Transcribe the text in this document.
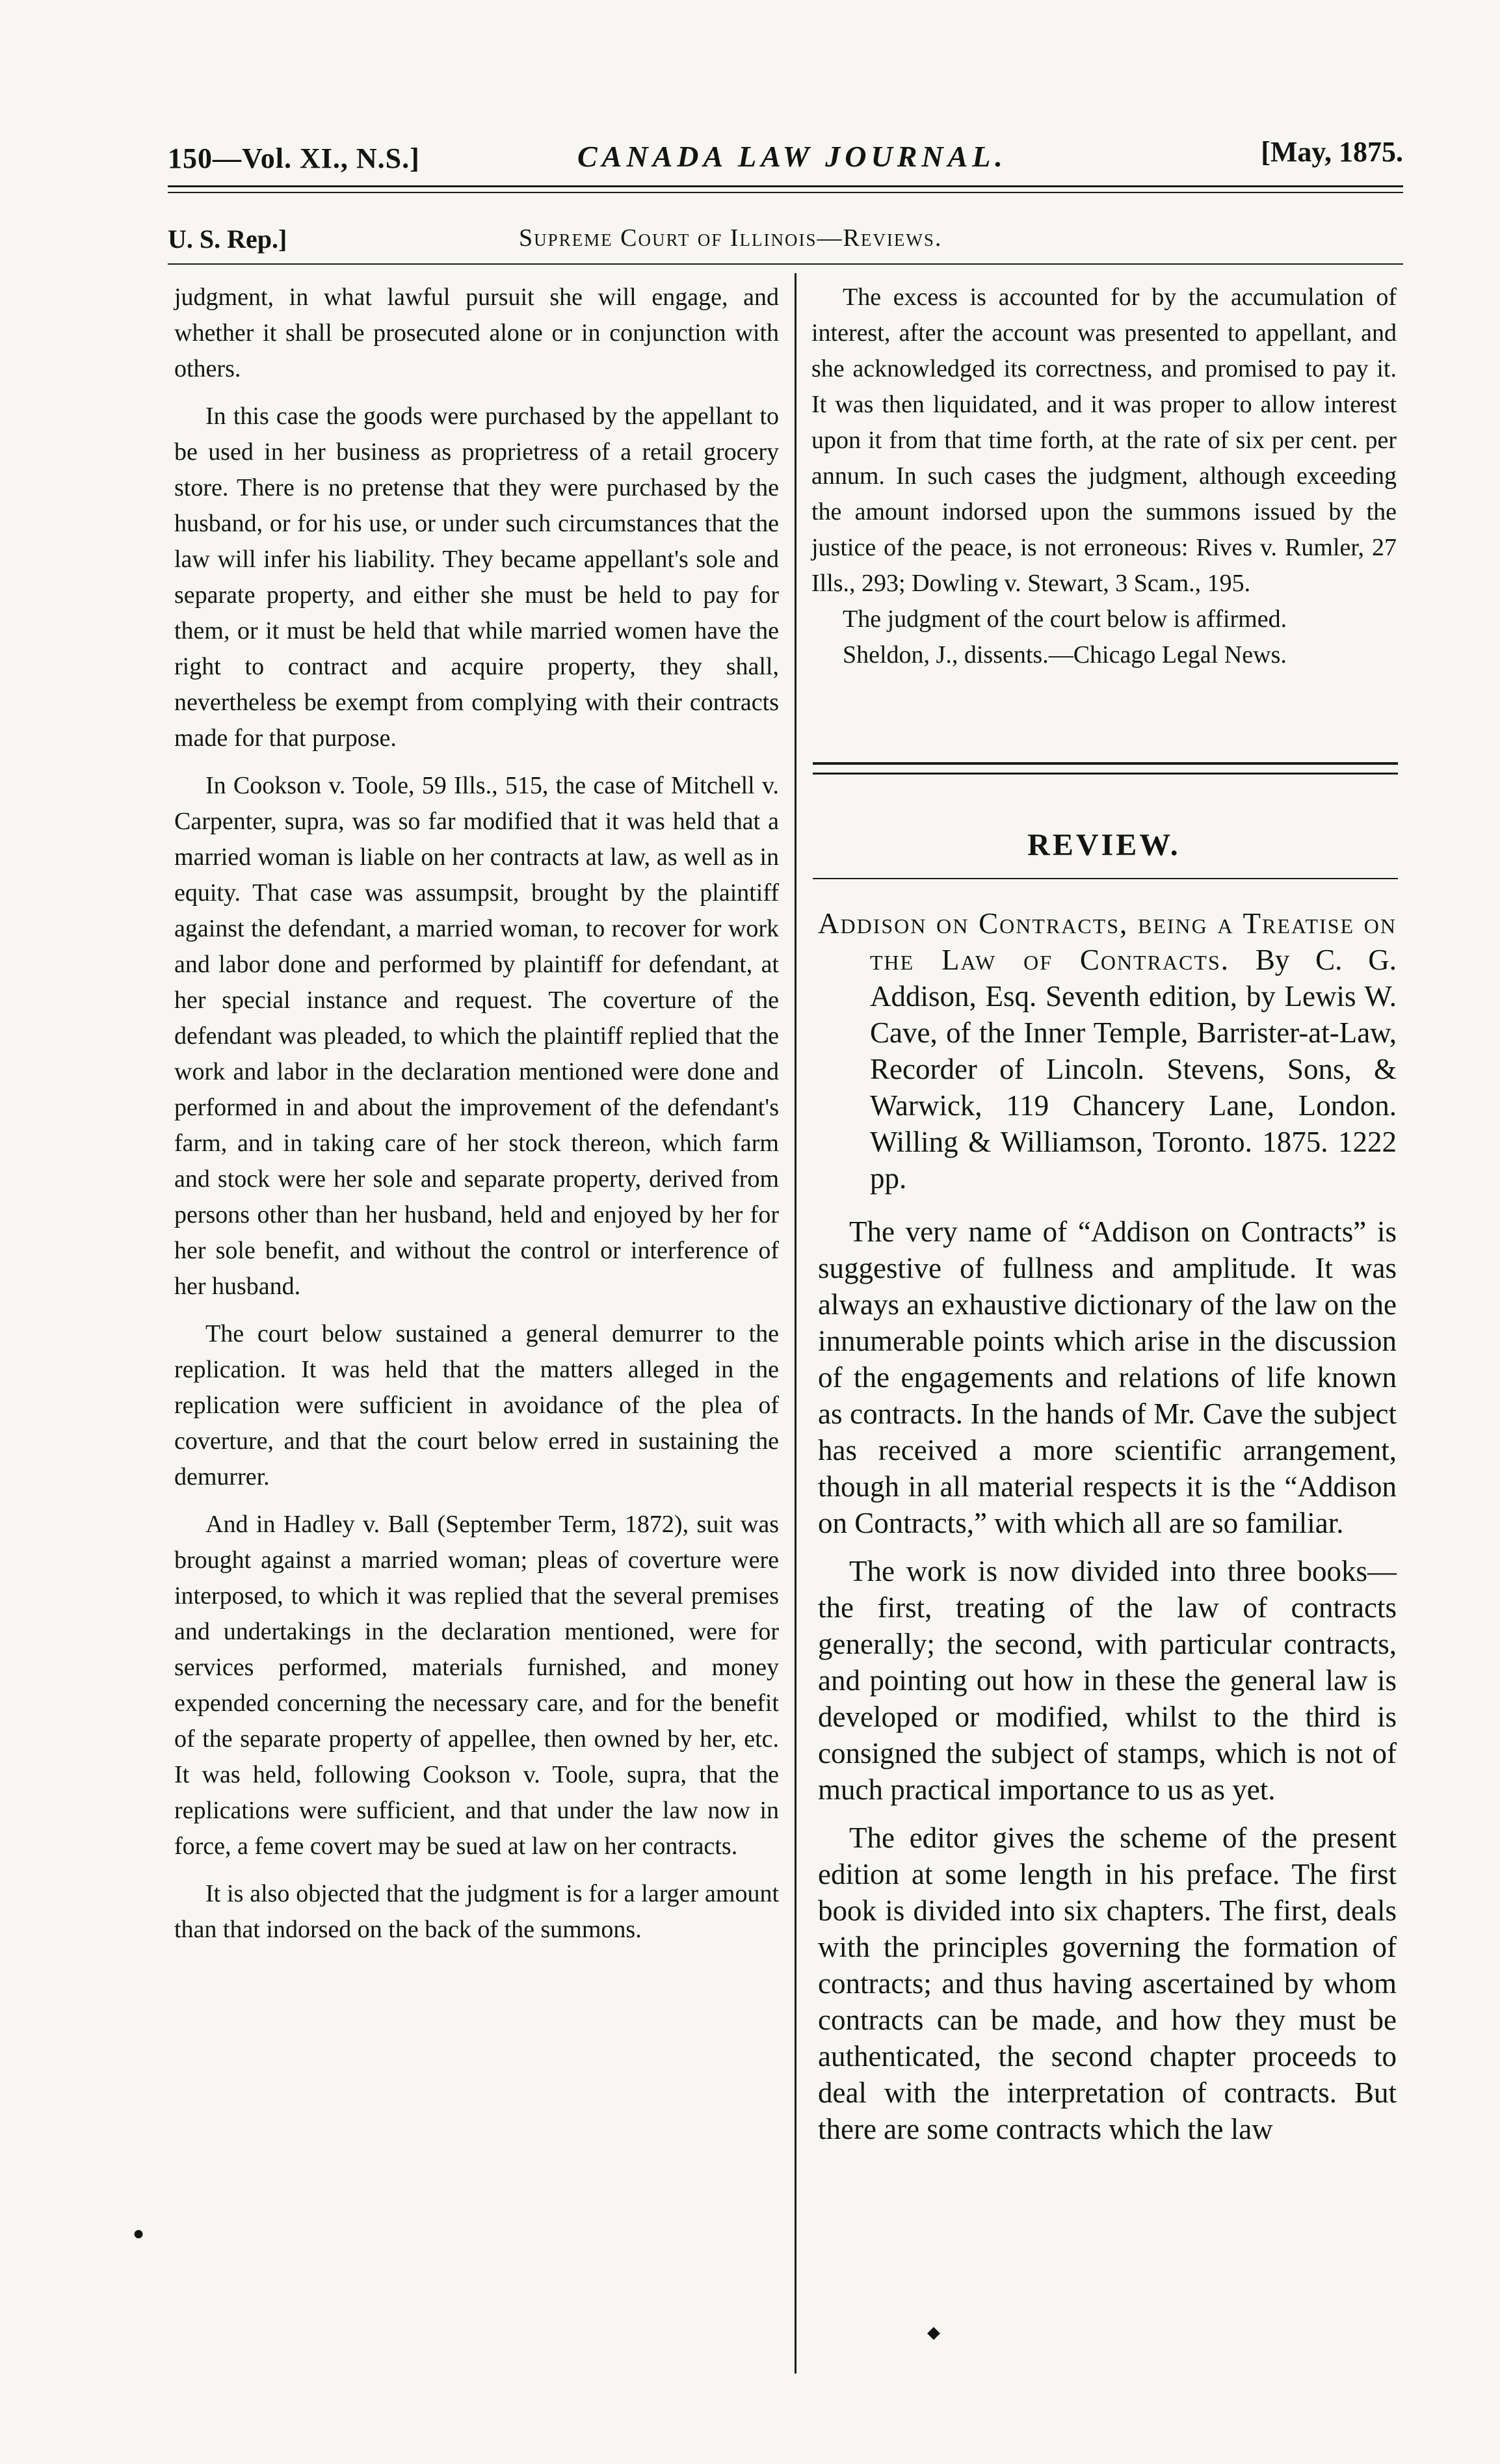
150—Vol. XI., N.S.]	CANADA LAW JOURNAL.	[May, 1875.
U. S. Rep.]	Supreme Court of Illinois—Reviews.

judgment, in what lawful pursuit she will engage, and whether it shall be prosecuted alone or in conjunction with others.

In this case the goods were purchased by the appellant to be used in her business as proprietress of a retail grocery store. There is no pretense that they were purchased by the husband, or for his use, or under such circumstances that the law will infer his liability. They became appellant's sole and separate property, and either she must be held to pay for them, or it must be held that while married women have the right to contract and acquire property, they shall, nevertheless be exempt from complying with their contracts made for that purpose.

In Cookson v. Toole, 59 Ills., 515, the case of Mitchell v. Carpenter, supra, was so far modified that it was held that a married woman is liable on her contracts at law, as well as in equity. That case was assumpsit, brought by the plaintiff against the defendant, a married woman, to recover for work and labor done and performed by plaintiff for defendant, at her special instance and request. The coverture of the defendant was pleaded, to which the plaintiff replied that the work and labor in the declaration mentioned were done and performed in and about the improvement of the defendant's farm, and in taking care of her stock thereon, which farm and stock were her sole and separate property, derived from persons other than her husband, held and enjoyed by her for her sole benefit, and without the control or interference of her husband.

The court below sustained a general demurrer to the replication. It was held that the matters alleged in the replication were sufficient in avoidance of the plea of coverture, and that the court below erred in sustaining the demurrer.

And in Hadley v. Ball (September Term, 1872), suit was brought against a married woman; pleas of coverture were interposed, to which it was replied that the several premises and undertakings in the declaration mentioned, were for services performed, materials furnished, and money expended concerning the necessary care, and for the benefit of the separate property of appellee, then owned by her, etc. It was held, following Cookson v. Toole, supra, that the replications were sufficient, and that under the law now in force, a feme covert may be sued at law on her contracts.

It is also objected that the judgment is for a larger amount than that indorsed on the back of the summons.

The excess is accounted for by the accumulation of interest, after the account was presented to appellant, and she acknowledged its correctness, and promised to pay it. It was then liquidated, and it was proper to allow interest upon it from that time forth, at the rate of six per cent. per annum. In such cases the judgment, although exceeding the amount indorsed upon the summons issued by the justice of the peace, is not erroneous: Rives v. Rumler, 27 Ills., 293; Dowling v. Stewart, 3 Scam., 195.

The judgment of the court below is affirmed.

Sheldon, J., dissents.—Chicago Legal News.

REVIEW.

Addison on Contracts, being a Treatise on the Law of Contracts. By C. G. Addison, Esq. Seventh edition, by Lewis W. Cave, of the Inner Temple, Barrister-at-Law, Recorder of Lincoln. Stevens, Sons, & Warwick, 119 Chancery Lane, London. Willing & Williamson, Toronto. 1875. 1222 pp.

The very name of “Addison on Contracts” is suggestive of fullness and amplitude. It was always an exhaustive dictionary of the law on the innumerable points which arise in the discussion of the engagements and relations of life known as contracts. In the hands of Mr. Cave the subject has received a more scientific arrangement, though in all material respects it is the “Addison on Contracts,” with which all are so familiar.

The work is now divided into three books—the first, treating of the law of contracts generally; the second, with particular contracts, and pointing out how in these the general law is developed or modified, whilst to the third is consigned the subject of stamps, which is not of much practical importance to us as yet.

The editor gives the scheme of the present edition at some length in his preface. The first book is divided into six chapters. The first, deals with the principles governing the formation of contracts; and thus having ascertained by whom contracts can be made, and how they must be authenticated, the second chapter proceeds to deal with the interpretation of contracts. But there are some contracts which the law

●
◆
